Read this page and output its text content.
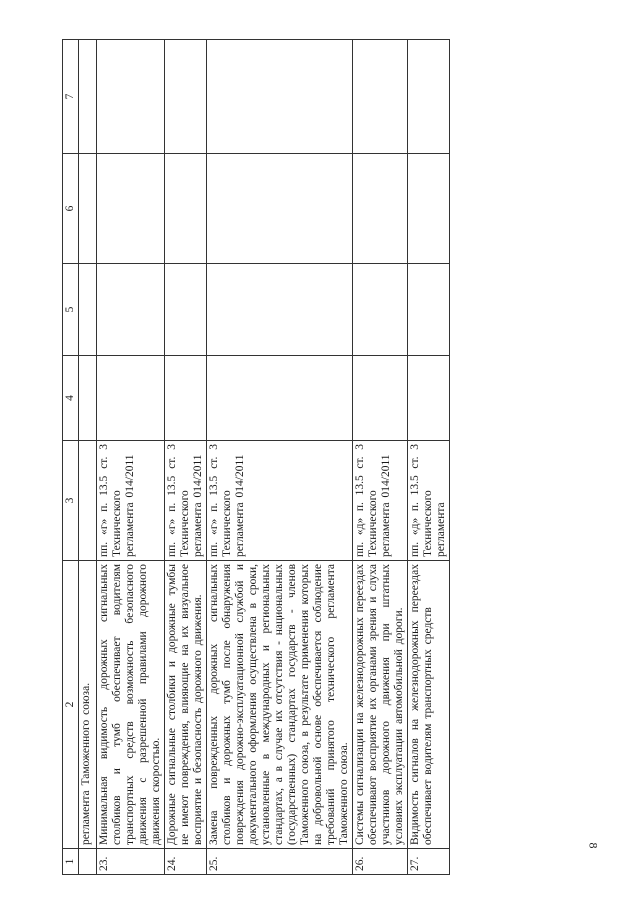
8
1	2	3	4	5	6	7
	регламента Таможенного союза.					
23.	Минимальная видимость дорожных сигнальных столбиков и тумб обеспечивает водителям транспортных средств возможность безопасного движения с разрешенной правилами дорожного движения скоростью.	пп. «г» п. 13.5 ст. 3 Технического регламента 014/2011				
24.	Дорожные сигнальные столбики и дорожные тумбы не имеют повреждения, влияющие на их визуальное восприятие и безопасность дорожного движения.	пп. «г» п. 13.5 ст. 3 Технического регламента 014/2011				
25.	Замена поврежденных дорожных сигнальных столбиков и дорожных тумб после обнаружения повреждения дорожно-эксплуатационной службой и документального оформления осуществлена в сроки, установленные в международных и региональных стандартах, а в случае их отсутствия - национальных (государственных) стандартах государств - членов Таможенного союза, в результате применения которых на добровольной основе обеспечивается соблюдение требований принятого технического регламента Таможенного союза.	пп. «г» п. 13.5 ст. 3 Технического регламента 014/2011				
26.	Системы сигнализации на железнодорожных переездах обеспечивают восприятие их органами зрения и слуха участников дорожного движения при штатных условиях эксплуатации автомобильной дороги.	пп. «д» п. 13.5 ст. 3 Технического регламента 014/2011				
27.	Видимость сигналов на железнодорожных переездах обеспечивает водителям транспортных средств	пп. «д» п. 13.5 ст. 3 Технического регламента				
